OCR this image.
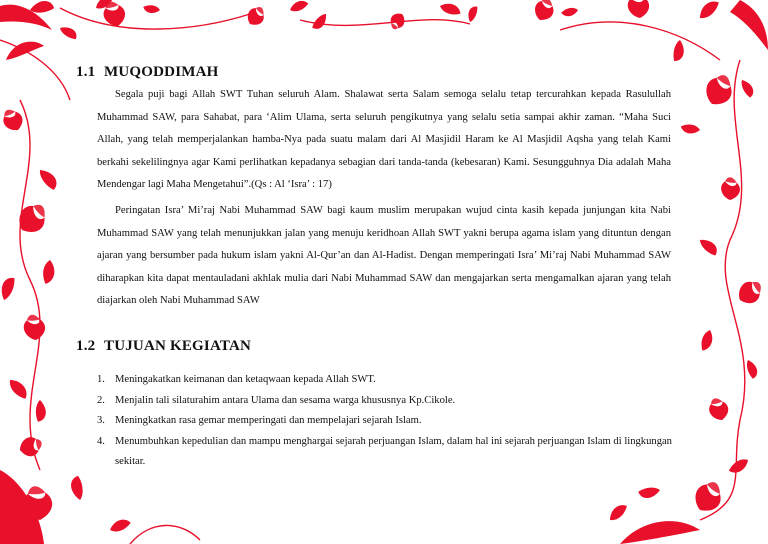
1.1 MUQODDIMAH

Segala puji bagi Allah SWT Tuhan seluruh Alam. Shalawat serta Salam semoga selalu tetap tercurahkan kepada Rasulullah Muhammad SAW, para Sahabat, para ‘Alim Ulama, serta seluruh pengikutnya yang selalu setia sampai akhir zaman. “Maha Suci Allah, yang telah memperjalankan hamba-Nya pada suatu malam dari Al Masjidil Haram ke Al Masjidil Aqsha yang telah Kami berkahi sekelilingnya agar Kami perlihatkan kepadanya sebagian dari tanda-tanda (kebesaran) Kami. Sesungguhnya Dia adalah Maha Mendengar lagi Maha Mengetahui”.(Qs : Al ‘Isra’ : 17)

Peringatan Isra’ Mi’raj Nabi Muhammad SAW bagi kaum muslim merupakan wujud cinta kasih kepada junjungan kita Nabi Muhammad SAW yang telah menunjukkan jalan yang menuju keridhoan Allah SWT yakni berupa agama islam yang dituntun dengan ajaran yang bersumber pada hukum islam yakni Al-Qur’an dan Al-Hadist. Dengan memperingati Isra’ Mi’raj Nabi Muhammad SAW diharapkan kita dapat mentauladani akhlak mulia dari Nabi Muhammad SAW dan mengajarkan serta mengamalkan ajaran yang telah diajarkan oleh Nabi Muhammad SAW

1.2 TUJUAN KEGIATAN
1. Meningakatkan keimanan dan ketaqwaan kepada Allah SWT.
2. Menjalin tali silaturahim antara Ulama dan sesama warga khususnya Kp.Cikole.
3. Meningkatkan rasa gemar memperingati dan mempelajari sejarah Islam.
4. Menumbuhkan kepedulian dan mampu menghargai sejarah perjuangan Islam, dalam hal ini sejarah perjuangan Islam di lingkungan sekitar.
